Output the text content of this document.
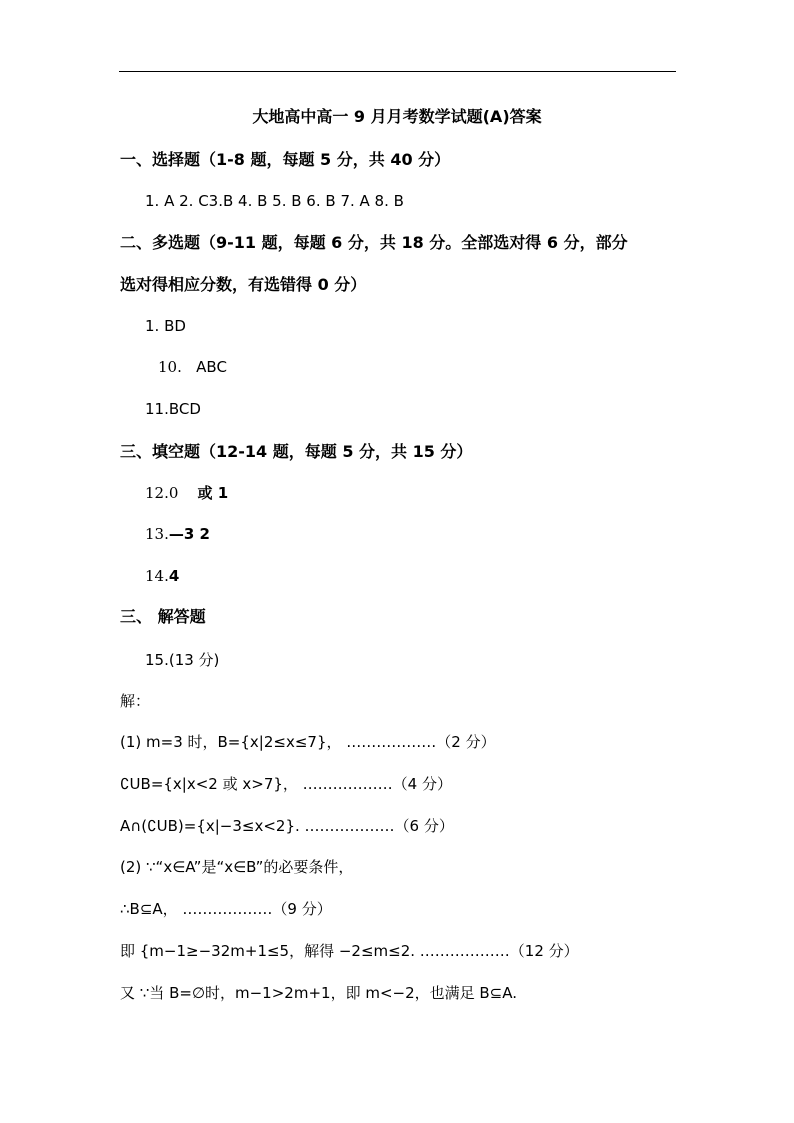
大地高中高一 9 月月考数学试题(A)答案
一、选择题（1-8 题，每题 5 分，共 40 分）
1. A 2. C3.B 4. B 5. B 6. B 7. A 8. B
二、多选题（9-11 题，每题 6 分，共 18 分。全部选对得 6 分，部分
选对得相应分数，有选错得 0 分）
1. BD
10. ABC
11.BCD
三、填空题（12-14 题，每题 5 分，共 15 分）
12.0 或 1
13.—3 2
14.4
三、 解答题
15.(13 分)
解：
(1) m=3 时，B={x|2≤x≤7}， ………………（2 分）
∁UB={x|x<2 或 x>7}， ………………（4 分）
A∩(∁UB)={x|−3≤x<2}. ………………（6 分）
(2) ∵“x∈A”是“x∈B”的必要条件，
∴B⊆A， ………………（9 分）
即 {m−1≥−32m+1≤5，解得 −2≤m≤2. ………………（12 分）
又 ∵当 B=∅时，m−1>2m+1，即 m<−2，也满足 B⊆A.
